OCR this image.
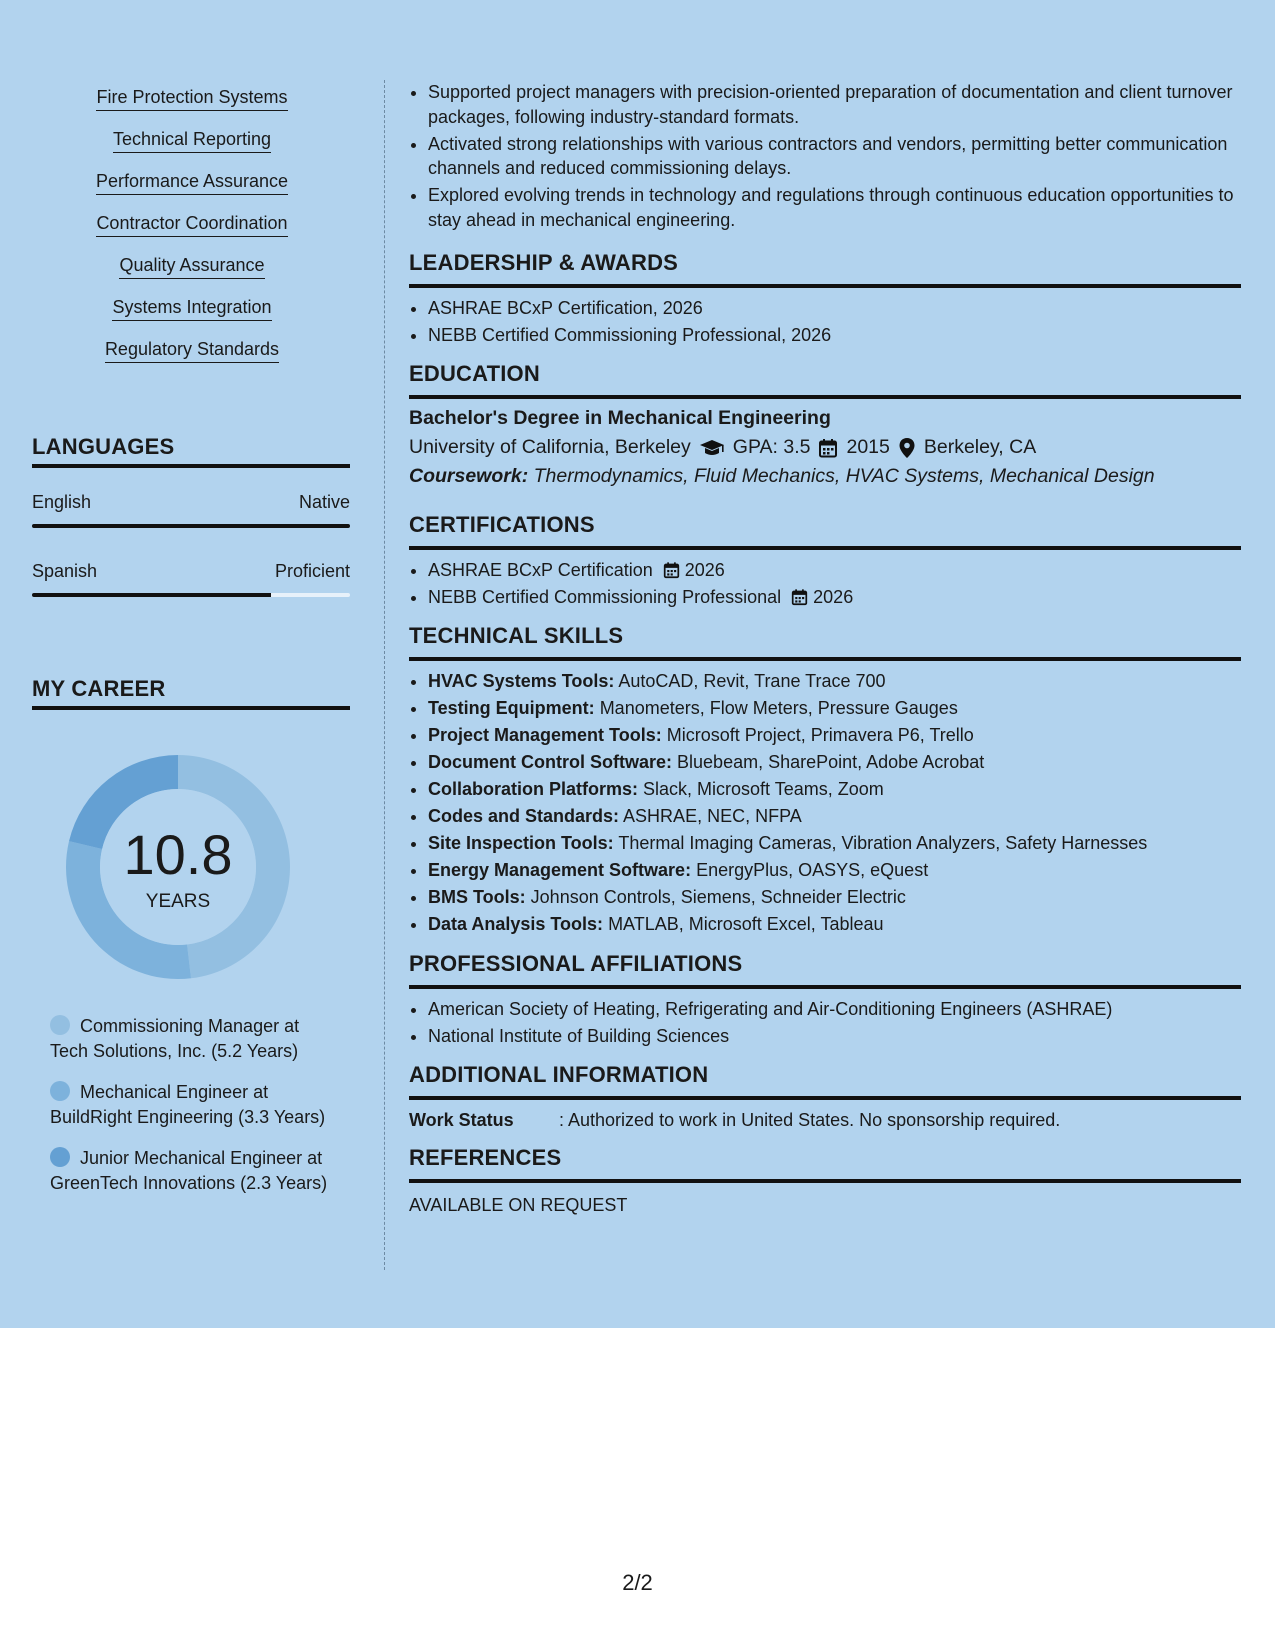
Fire Protection Systems
Technical Reporting
Performance Assurance
Contractor Coordination
Quality Assurance
Systems Integration
Regulatory Standards
LANGUAGES
English	Native
Spanish	Proficient
MY CAREER
10.8
YEARS
Commissioning Manager at Tech Solutions, Inc. (5.2 Years)
Mechanical Engineer at BuildRight Engineering (3.3 Years)
Junior Mechanical Engineer at GreenTech Innovations (2.3 Years)
• Supported project managers with precision-oriented preparation of documentation and client turnover packages, following industry-standard formats.
• Activated strong relationships with various contractors and vendors, permitting better communication channels and reduced commissioning delays.
• Explored evolving trends in technology and regulations through continuous education opportunities to stay ahead in mechanical engineering.
LEADERSHIP & AWARDS
• ASHRAE BCxP Certification, 2026
• NEBB Certified Commissioning Professional, 2026
EDUCATION
Bachelor's Degree in Mechanical Engineering
University of California, Berkeley GPA: 3.5 2015 Berkeley, CA
Coursework: Thermodynamics, Fluid Mechanics, HVAC Systems, Mechanical Design
CERTIFICATIONS
• ASHRAE BCxP Certification 2026
• NEBB Certified Commissioning Professional 2026
TECHNICAL SKILLS
• HVAC Systems Tools: AutoCAD, Revit, Trane Trace 700
• Testing Equipment: Manometers, Flow Meters, Pressure Gauges
• Project Management Tools: Microsoft Project, Primavera P6, Trello
• Document Control Software: Bluebeam, SharePoint, Adobe Acrobat
• Collaboration Platforms: Slack, Microsoft Teams, Zoom
• Codes and Standards: ASHRAE, NEC, NFPA
• Site Inspection Tools: Thermal Imaging Cameras, Vibration Analyzers, Safety Harnesses
• Energy Management Software: EnergyPlus, OASYS, eQuest
• BMS Tools: Johnson Controls, Siemens, Schneider Electric
• Data Analysis Tools: MATLAB, Microsoft Excel, Tableau
PROFESSIONAL AFFILIATIONS
• American Society of Heating, Refrigerating and Air-Conditioning Engineers (ASHRAE)
• National Institute of Building Sciences
ADDITIONAL INFORMATION
Work Status	: Authorized to work in United States. No sponsorship required.
REFERENCES
AVAILABLE ON REQUEST
2/2
